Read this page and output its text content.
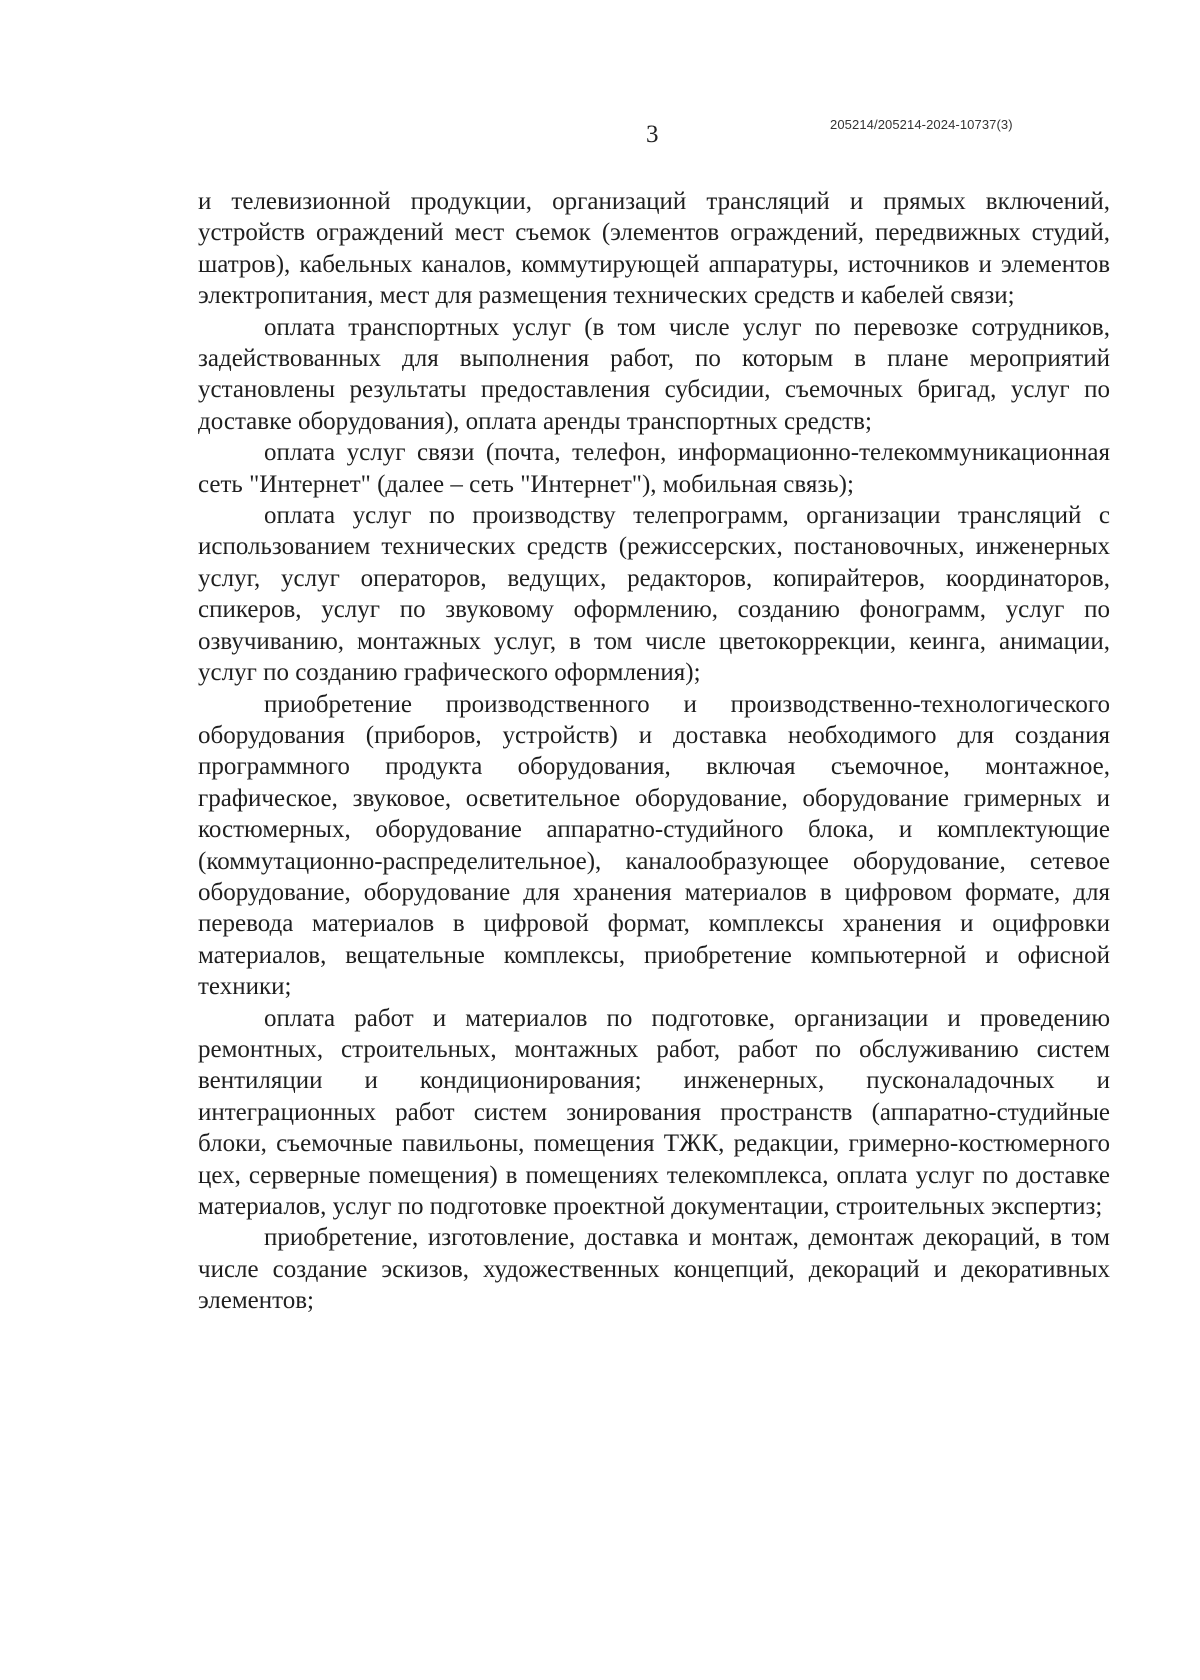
3	205214/205214-2024-10737(3)

и телевизионной продукции, организаций трансляций и прямых включений, устройств ограждений мест съемок (элементов ограждений, передвижных студий, шатров), кабельных каналов, коммутирующей аппаратуры, источников и элементов электропитания, мест для размещения технических средств и кабелей связи;

оплата транспортных услуг (в том числе услуг по перевозке сотрудников, задействованных для выполнения работ, по которым в плане мероприятий установлены результаты предоставления субсидии, съемочных бригад, услуг по доставке оборудования), оплата аренды транспортных средств;

оплата услуг связи (почта, телефон, информационно-телекоммуникационная сеть "Интернет" (далее – сеть "Интернет"), мобильная связь);

оплата услуг по производству телепрограмм, организации трансляций с использованием технических средств (режиссерских, постановочных, инженерных услуг, услуг операторов, ведущих, редакторов, копирайтеров, координаторов, спикеров, услуг по звуковому оформлению, созданию фонограмм, услуг по озвучиванию, монтажных услуг, в том числе цветокоррекции, кеинга, анимации, услуг по созданию графического оформления);

приобретение производственного и производственно-технологического оборудования (приборов, устройств) и доставка необходимого для создания программного продукта оборудования, включая съемочное, монтажное, графическое, звуковое, осветительное оборудование, оборудование гримерных и костюмерных, оборудование аппаратно-студийного блока, и комплектующие (коммутационно-распределительное), каналообразующее оборудование, сетевое оборудование, оборудование для хранения материалов в цифровом формате, для перевода материалов в цифровой формат, комплексы хранения и оцифровки материалов, вещательные комплексы, приобретение компьютерной и офисной техники;

оплата работ и материалов по подготовке, организации и проведению ремонтных, строительных, монтажных работ, работ по обслуживанию систем вентиляции и кондиционирования; инженерных, пусконаладочных и интеграционных работ систем зонирования пространств (аппаратно-студийные блоки, съемочные павильоны, помещения ТЖК, редакции, гримерно-костюмерного цех, серверные помещения) в помещениях телекомплекса, оплата услуг по доставке материалов, услуг по подготовке проектной документации, строительных экспертиз;

приобретение, изготовление, доставка и монтаж, демонтаж декораций, в том числе создание эскизов, художественных концепций, декораций и декоративных элементов;
